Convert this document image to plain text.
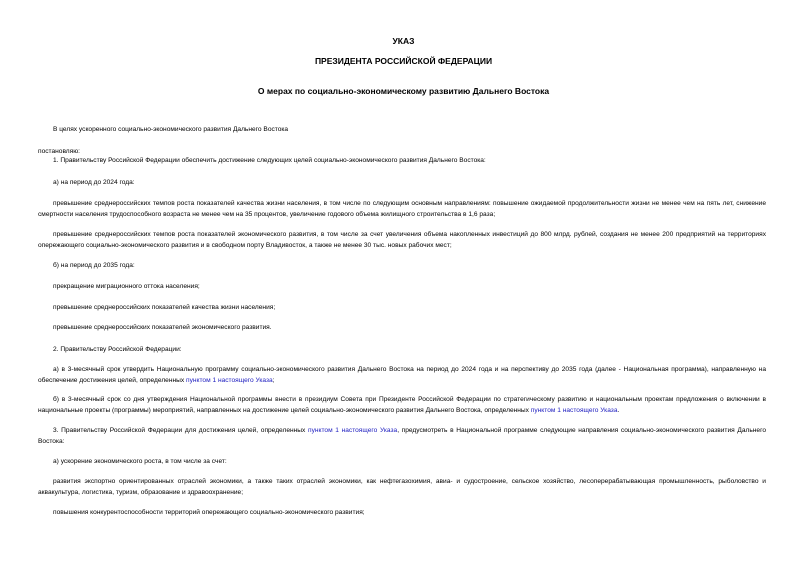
УКАЗ
ПРЕЗИДЕНТА РОССИЙСКОЙ ФЕДЕРАЦИИ
О мерах по социально-экономическому развитию Дальнего Востока
В целях ускоренного социально-экономического развития Дальнего Востока
постановляю:
1. Правительству Российской Федерации обеспечить достижение следующих целей социально-экономического развития Дальнего Востока:
а) на период до 2024 года:
превышение среднероссийских темпов роста показателей качества жизни населения, в том числе по следующим основным направлениям: повышение ожидаемой продолжительности жизни не менее чем на пять лет, снижение смертности населения трудоспособного возраста не менее чем на 35 процентов, увеличение годового объема жилищного строительства в 1,6 раза;
превышение среднероссийских темпов роста показателей экономического развития, в том числе за счет увеличения объема накопленных инвестиций до 800 млрд. рублей, создания не менее 200 предприятий на территориях опережающего социально-экономического развития и в свободном порту Владивосток, а также не менее 30 тыс. новых рабочих мест;
б) на период до 2035 года:
прекращение миграционного оттока населения;
превышение среднероссийских показателей качества жизни населения;
превышение среднероссийских показателей экономического развития.
2. Правительству Российской Федерации:
а) в 3-месячный срок утвердить Национальную программу социально-экономического развития Дальнего Востока на период до 2024 года и на перспективу до 2035 года (далее - Национальная программа), направленную на обеспечение достижения целей, определенных пунктом 1 настоящего Указа;
б) в 3-месячный срок со дня утверждения Национальной программы внести в президиум Совета при Президенте Российской Федерации по стратегическому развитию и национальным проектам предложения о включении в национальные проекты (программы) мероприятий, направленных на достижение целей социально-экономического развития Дальнего Востока, определенных пунктом 1 настоящего Указа.
3. Правительству Российской Федерации для достижения целей, определенных пунктом 1 настоящего Указа, предусмотреть в Национальной программе следующие направления социально-экономического развития Дальнего Востока:
а) ускорение экономического роста, в том числе за счет:
развития экспортно ориентированных отраслей экономики, а также таких отраслей экономики, как нефтегазохимия, авиа- и судостроение, сельское хозяйство, лесоперерабатывающая промышленность, рыболовство и аквакультура, логистика, туризм, образование и здравоохранение;
повышения конкурентоспособности территорий опережающего социально-экономического развития;
